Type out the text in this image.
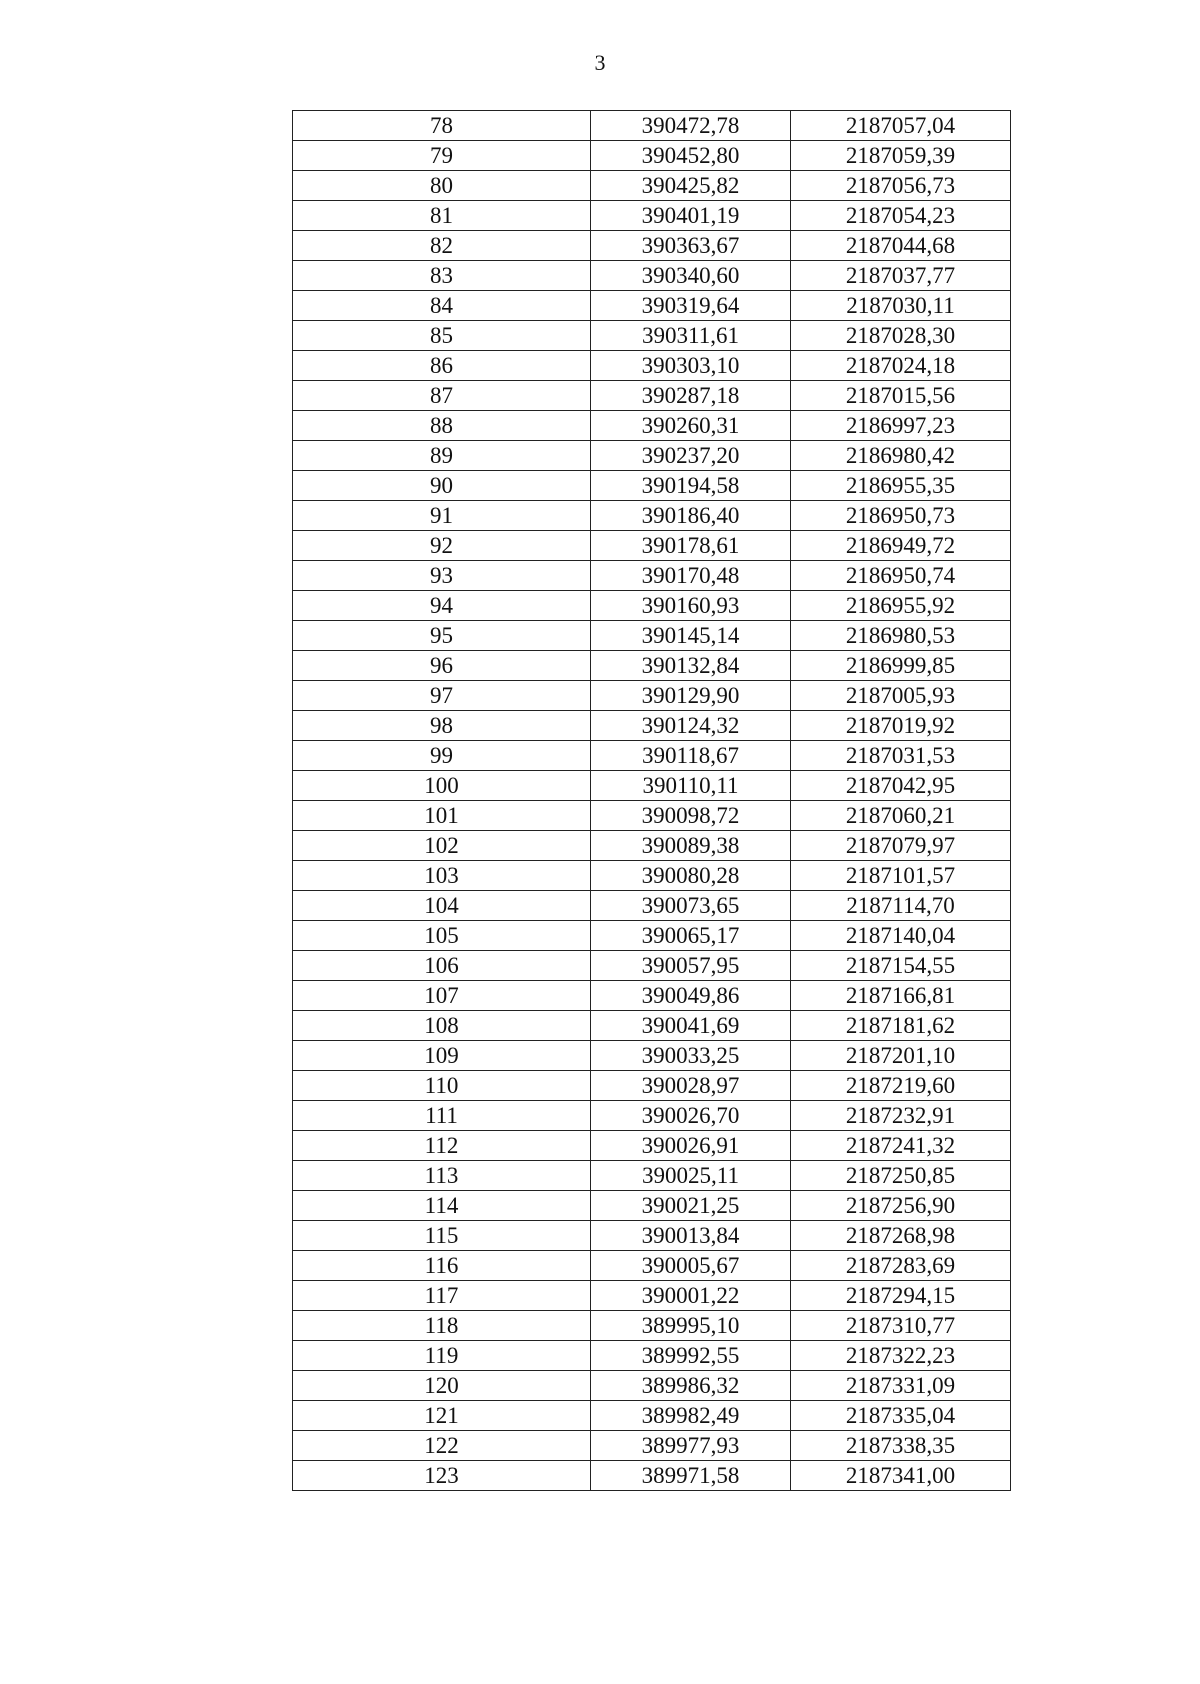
3
78	390472,78	2187057,04
79	390452,80	2187059,39
80	390425,82	2187056,73
81	390401,19	2187054,23
82	390363,67	2187044,68
83	390340,60	2187037,77
84	390319,64	2187030,11
85	390311,61	2187028,30
86	390303,10	2187024,18
87	390287,18	2187015,56
88	390260,31	2186997,23
89	390237,20	2186980,42
90	390194,58	2186955,35
91	390186,40	2186950,73
92	390178,61	2186949,72
93	390170,48	2186950,74
94	390160,93	2186955,92
95	390145,14	2186980,53
96	390132,84	2186999,85
97	390129,90	2187005,93
98	390124,32	2187019,92
99	390118,67	2187031,53
100	390110,11	2187042,95
101	390098,72	2187060,21
102	390089,38	2187079,97
103	390080,28	2187101,57
104	390073,65	2187114,70
105	390065,17	2187140,04
106	390057,95	2187154,55
107	390049,86	2187166,81
108	390041,69	2187181,62
109	390033,25	2187201,10
110	390028,97	2187219,60
111	390026,70	2187232,91
112	390026,91	2187241,32
113	390025,11	2187250,85
114	390021,25	2187256,90
115	390013,84	2187268,98
116	390005,67	2187283,69
117	390001,22	2187294,15
118	389995,10	2187310,77
119	389992,55	2187322,23
120	389986,32	2187331,09
121	389982,49	2187335,04
122	389977,93	2187338,35
123	389971,58	2187341,00
